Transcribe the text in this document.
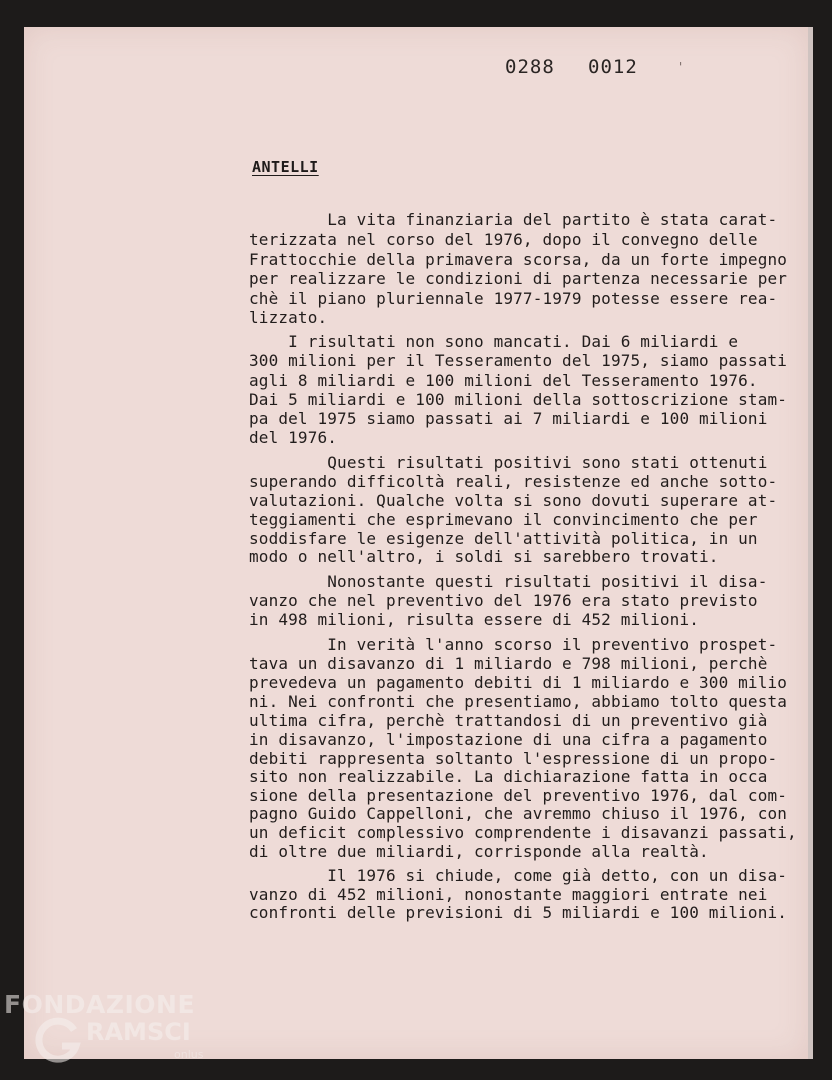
0288 0012	'
ANTELLI
La vita finanziaria del partito è stata carat-
terizzata nel corso del 1976, dopo il convegno delle
Frattocchie della primavera scorsa, da un forte impegno
per realizzare le condizioni di partenza necessarie per
chè il piano pluriennale 1977-1979 potesse essere rea-
lizzato.
I risultati non sono mancati. Dai 6 miliardi e
300 milioni per il Tesseramento del 1975, siamo passati
agli 8 miliardi e 100 milioni del Tesseramento 1976.
Dai 5 miliardi e 100 milioni della sottoscrizione stam-
pa del 1975 siamo passati ai 7 miliardi e 100 milioni
del 1976.
Questi risultati positivi sono stati ottenuti
superando difficoltà reali, resistenze ed anche sotto-
valutazioni. Qualche volta si sono dovuti superare at-
teggiamenti che esprimevano il convincimento che per
soddisfare le esigenze dell'attività politica, in un
modo o nell'altro, i soldi si sarebbero trovati.
Nonostante questi risultati positivi il disa-
vanzo che nel preventivo del 1976 era stato previsto
in 498 milioni, risulta essere di 452 milioni.
In verità l'anno scorso il preventivo prospet-
tava un disavanzo di 1 miliardo e 798 milioni, perchè
prevedeva un pagamento debiti di 1 miliardo e 300 milio
ni. Nei confronti che presentiamo, abbiamo tolto questa
ultima cifra, perchè trattandosi di un preventivo già
in disavanzo, l'impostazione di una cifra a pagamento
debiti rappresenta soltanto l'espressione di un propo-
sito non realizzabile. La dichiarazione fatta in occa
sione della presentazione del preventivo 1976, dal com-
pagno Guido Cappelloni, che avremmo chiuso il 1976, con
un deficit complessivo comprendente i disavanzi passati,
di oltre due miliardi, corrisponde alla realtà.
Il 1976 si chiude, come già detto, con un disa-
vanzo di 452 milioni, nonostante maggiori entrate nei
confronti delle previsioni di 5 miliardi e 100 milioni.
FONDAZIONE
RAMSCI
onlus
